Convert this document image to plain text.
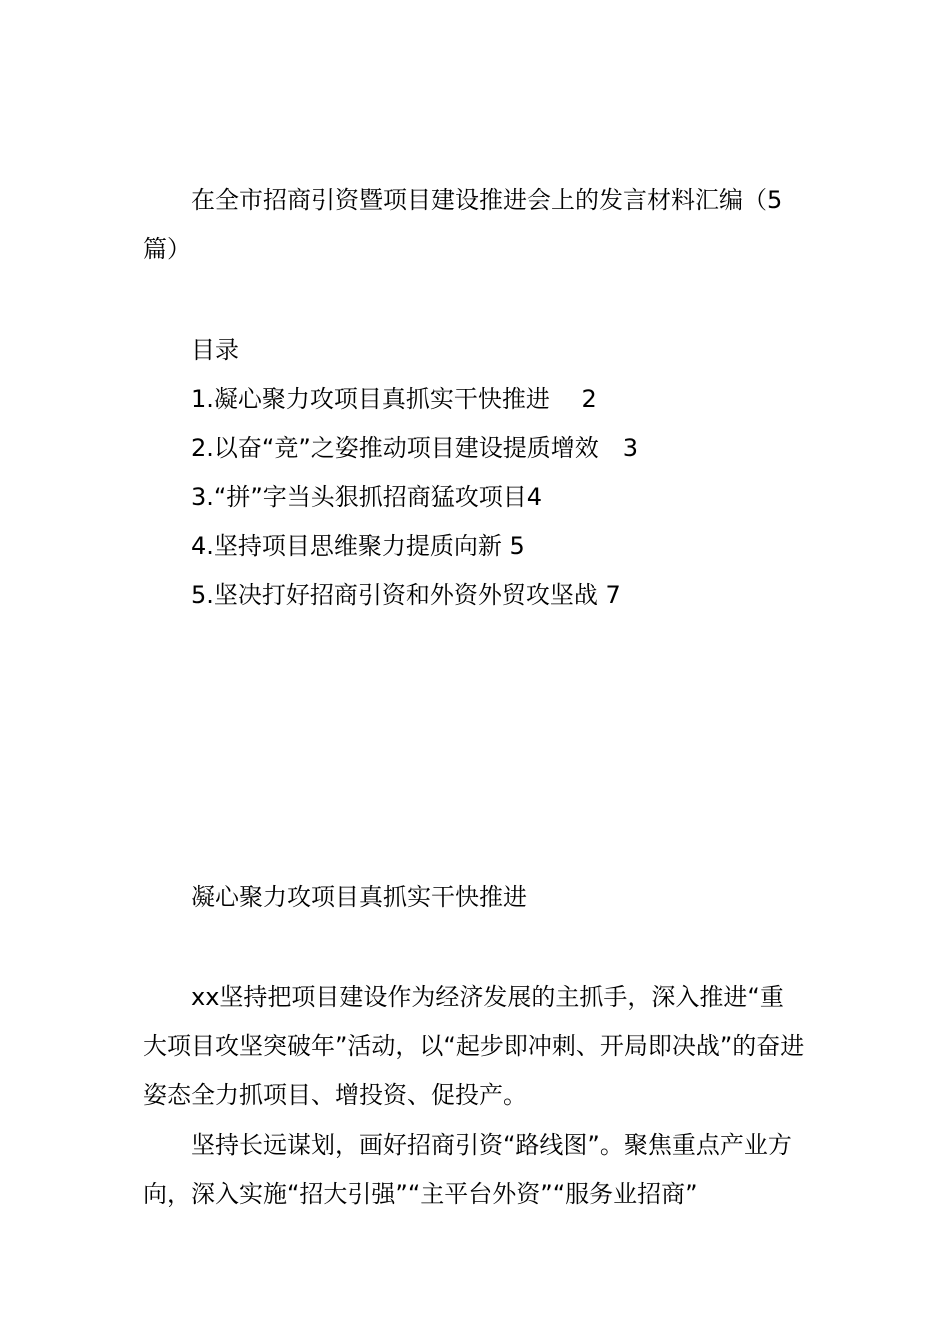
在全市招商引资暨项目建设推进会上的发言材料汇编（5篇）

目录

1.凝心聚力攻项目真抓实干快推进　 2
2.以奋“竞”之姿推动项目建设提质增效　 3
3.“拼”字当头狠抓招商猛攻项目4
4.坚持项目思维聚力提质向新 5
5.坚决打好招商引资和外资外贸攻坚战 7

凝心聚力攻项目真抓实干快推进

xx坚持把项目建设作为经济发展的主抓手，深入推进“重大项目攻坚突破年”活动，以“起步即冲刺、开局即决战”的奋进姿态全力抓项目、增投资、促投产。

坚持长远谋划，画好招商引资“路线图”。聚焦重点产业方向，深入实施“招大引强”“主平台外资”“服务业招商”
